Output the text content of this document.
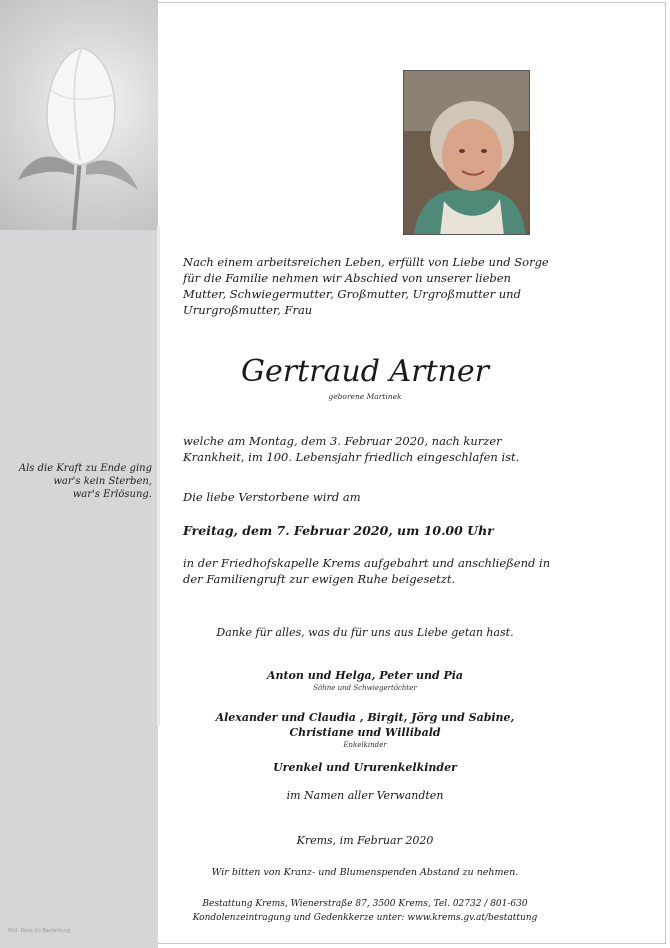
Als die Kraft zu Ende ging
war's kein Sterben,
war's Erlösung.
Bild: Rose (c) Bestattung
Nach einem arbeitsreichen Leben, erfüllt von Liebe und Sorge
für die Familie nehmen wir Abschied von unserer lieben
Mutter, Schwiegermutter, Großmutter, Urgroßmutter und
Ururgroßmutter, Frau
Gertraud Artner
geborene Martinek
welche am Montag, dem 3. Februar 2020, nach kurzer
Krankheit, im 100. Lebensjahr friedlich eingeschlafen ist.
Die liebe Verstorbene wird am
Freitag, dem 7. Februar 2020, um 10.00 Uhr
in der Friedhofskapelle Krems aufgebahrt und anschließend in
der Familiengruft zur ewigen Ruhe beigesetzt.
Danke für alles, was du für uns aus Liebe getan hast.
Anton und Helga, Peter und Pia
Söhne und Schwiegertöchter
Alexander und Claudia , Birgit, Jörg und Sabine,
Christiane und Willibald
Enkelkinder
Urenkel und Ururenkelkinder
im Namen aller Verwandten
Krems, im Februar 2020
Wir bitten von Kranz- und Blumenspenden Abstand zu nehmen.
Bestattung Krems, Wienerstraße 87, 3500 Krems, Tel. 02732 / 801-630
Kondolenzeintragung und Gedenkkerze unter: www.krems.gv.at/bestattung
